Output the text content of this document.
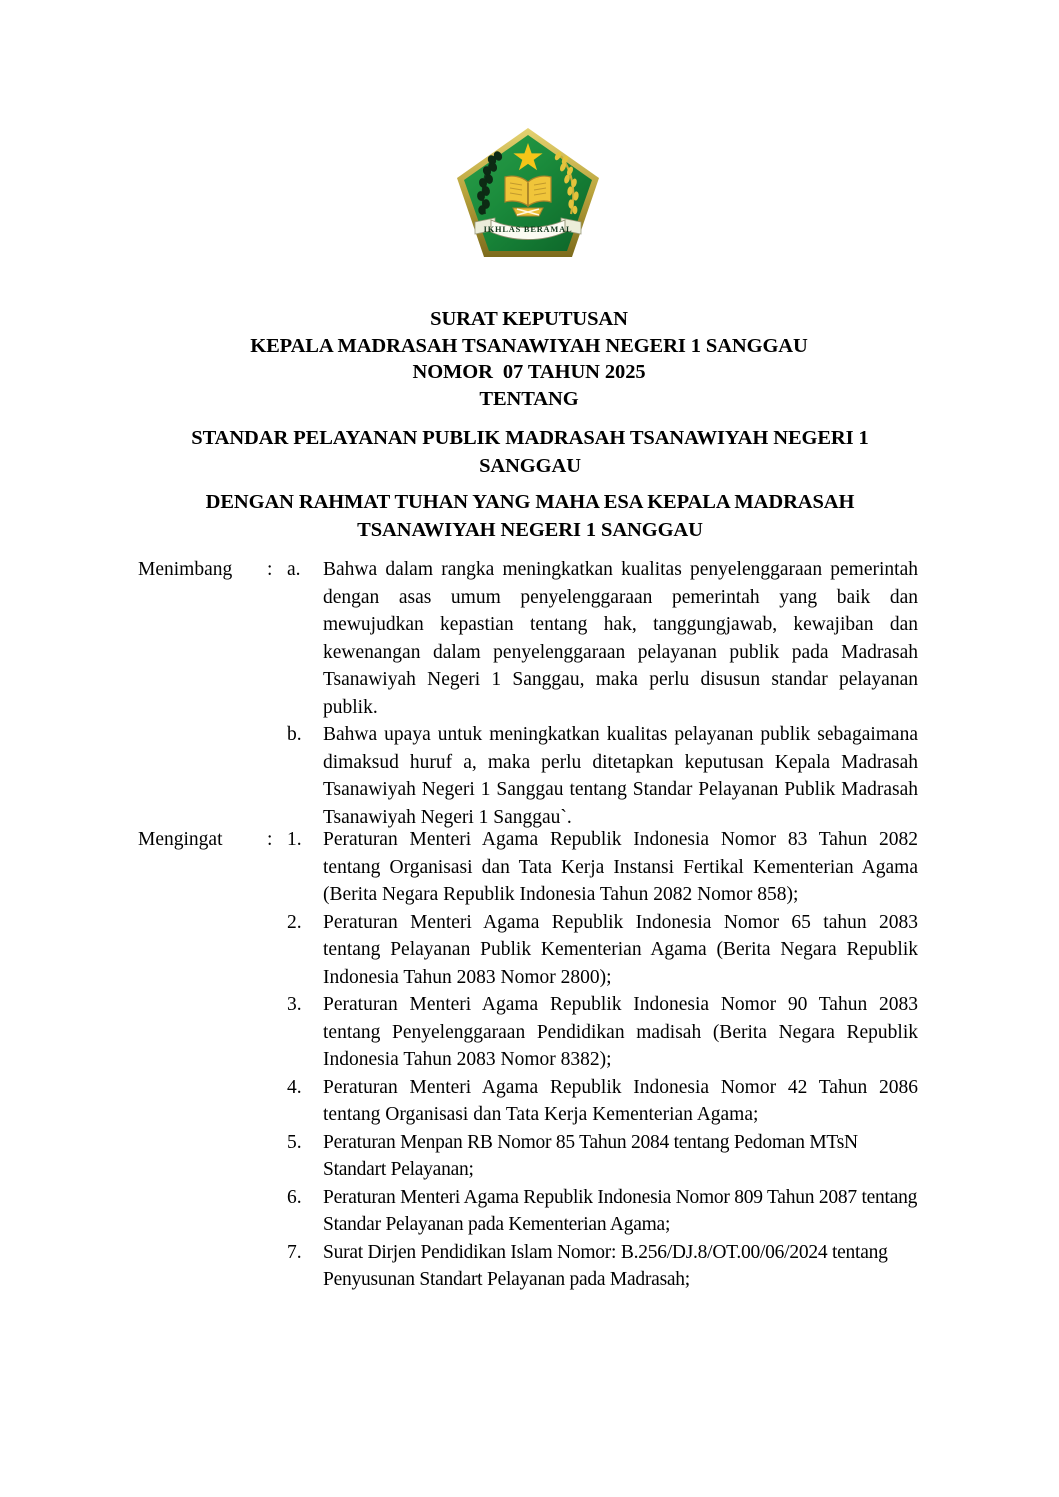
IKHLAS BERAMAL
SURAT KEPUTUSAN
KEPALA MADRASAH TSANAWIYAH NEGERI 1 SANGGAU
NOMOR  07 TAHUN 2025
TENTANG
STANDAR PELAYANAN PUBLIK MADRASAH TSANAWIYAH NEGERI 1
SANGGAU
DENGAN RAHMAT TUHAN YANG MAHA ESA KEPALA MADRASAH
TSANAWIYAH NEGERI 1 SANGGAU
Menimbang	: a.	Bahwa dalam rangka meningkatkan kualitas penyelenggaraan pemerintah dengan asas umum penyelenggaraan pemerintah yang baik dan mewujudkan kepastian tentang hak, tanggungjawab, kewajiban dan kewenangan dalam penyelenggaraan pelayanan publik pada Madrasah Tsanawiyah Negeri 1 Sanggau, maka perlu disusun standar pelayanan publik.
b.	Bahwa upaya untuk meningkatkan kualitas pelayanan publik sebagaimana dimaksud huruf a, maka perlu ditetapkan keputusan Kepala Madrasah Tsanawiyah Negeri 1 Sanggau tentang Standar Pelayanan Publik Madrasah Tsanawiyah Negeri 1 Sanggau`.
Mengingat	: 1.	Peraturan Menteri Agama Republik Indonesia Nomor 83 Tahun 2082 tentang Organisasi dan Tata Kerja Instansi Fertikal Kementerian Agama (Berita Negara Republik Indonesia Tahun 2082 Nomor 858);
2.	Peraturan Menteri Agama Republik Indonesia Nomor 65 tahun 2083 tentang Pelayanan Publik Kementerian Agama (Berita Negara Republik Indonesia Tahun 2083 Nomor 2800);
3.	Peraturan Menteri Agama Republik Indonesia Nomor 90 Tahun 2083 tentang Penyelenggaraan Pendidikan madisah (Berita Negara Republik Indonesia Tahun 2083 Nomor 8382);
4.	Peraturan Menteri Agama Republik Indonesia Nomor 42 Tahun 2086 tentang Organisasi dan Tata Kerja Kementerian Agama;
5.	Peraturan Menpan RB Nomor 85 Tahun 2084 tentang Pedoman MTsN Standart Pelayanan;
6.	Peraturan Menteri Agama Republik Indonesia Nomor 809 Tahun 2087 tentang Standar Pelayanan pada Kementerian Agama;
7.	Surat Dirjen Pendidikan Islam Nomor: B.256/DJ.8/OT.00/06/2024 tentang Penyusunan Standart Pelayanan pada Madrasah;
